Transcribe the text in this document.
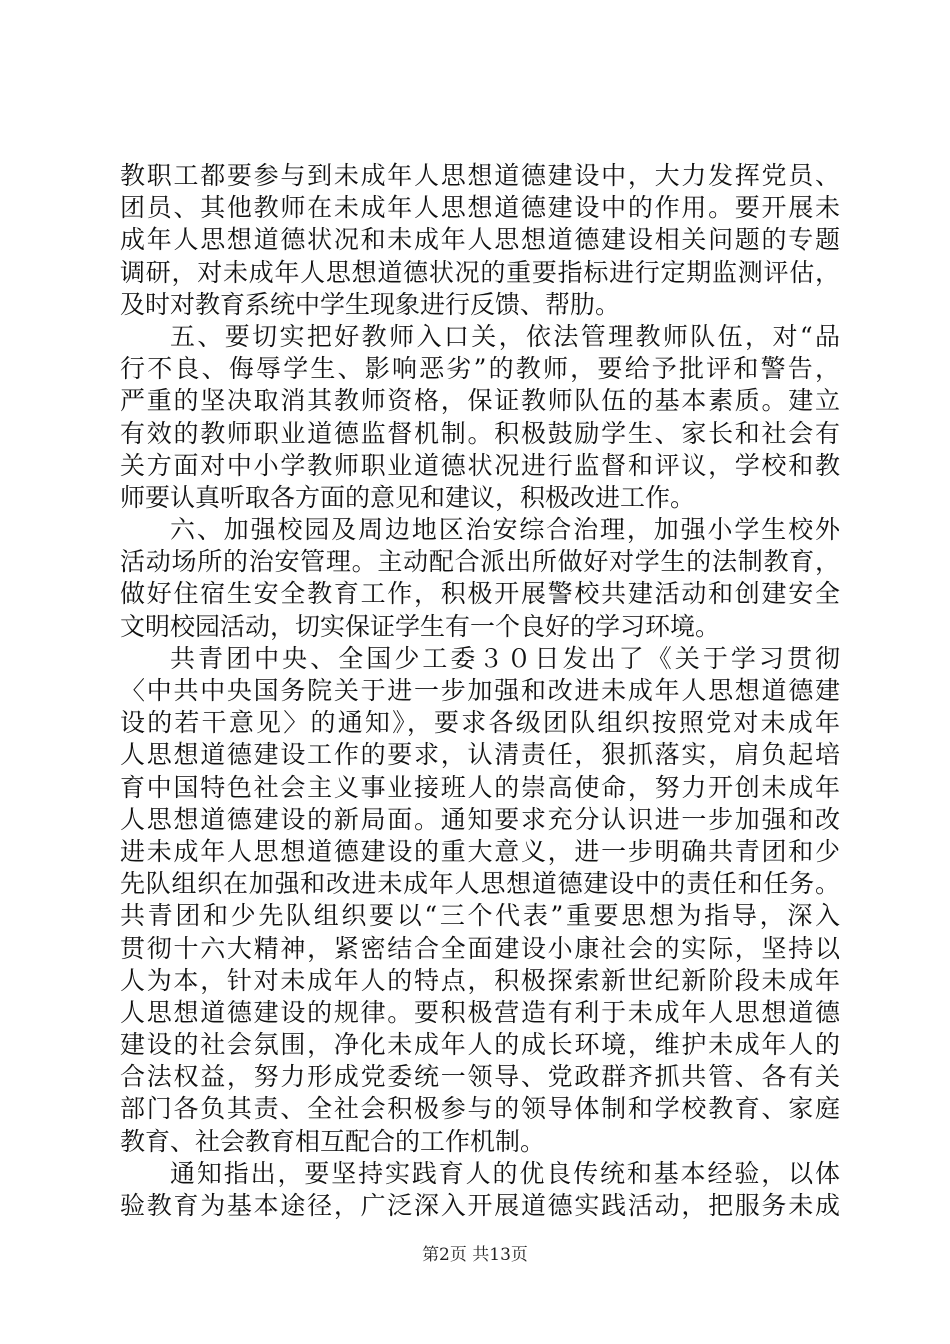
教职工都要参与到未成年人思想道德建设中，大力发挥党员、
团员、其他教师在未成年人思想道德建设中的作用。要开展未
成年人思想道德状况和未成年人思想道德建设相关问题的专题
调研，对未成年人思想道德状况的重要指标进行定期监测评估，
及时对教育系统中学生现象进行反馈、帮肋。
五、要切实把好教师入口关，依法管理教师队伍，对“品
行不良、侮辱学生、影响恶劣”的教师，要给予批评和警告，
严重的坚决取消其教师资格，保证教师队伍的基本素质。建立
有效的教师职业道德监督机制。积极鼓励学生、家长和社会有
关方面对中小学教师职业道德状况进行监督和评议，学校和教
师要认真听取各方面的意见和建议，积极改进工作。
六、加强校园及周边地区治安综合治理，加强小学生校外
活动场所的治安管理。主动配合派出所做好对学生的法制教育，
做好住宿生安全教育工作，积极开展警校共建活动和创建安全
文明校园活动，切实保证学生有一个良好的学习环境。
共青团中央、全国少工委３０日发出了《关于学习贯彻
〈中共中央国务院关于进一步加强和改进未成年人思想道德建
设的若干意见〉的通知》，要求各级团队组织按照党对未成年
人思想道德建设工作的要求，认清责任，狠抓落实，肩负起培
育中国特色社会主义事业接班人的崇高使命，努力开创未成年
人思想道德建设的新局面。通知要求充分认识进一步加强和改
进未成年人思想道德建设的重大意义，进一步明确共青团和少
先队组织在加强和改进未成年人思想道德建设中的责任和任务。
共青团和少先队组织要以“三个代表”重要思想为指导，深入
贯彻十六大精神，紧密结合全面建设小康社会的实际，坚持以
人为本，针对未成年人的特点，积极探索新世纪新阶段未成年
人思想道德建设的规律。要积极营造有利于未成年人思想道德
建设的社会氛围，净化未成年人的成长环境，维护未成年人的
合法权益，努力形成党委统一领导、党政群齐抓共管、各有关
部门各负其责、全社会积极参与的领导体制和学校教育、家庭
教育、社会教育相互配合的工作机制。
通知指出，要坚持实践育人的优良传统和基本经验，以体
验教育为基本途径，广泛深入开展道德实践活动，把服务未成
第2页 共13页
